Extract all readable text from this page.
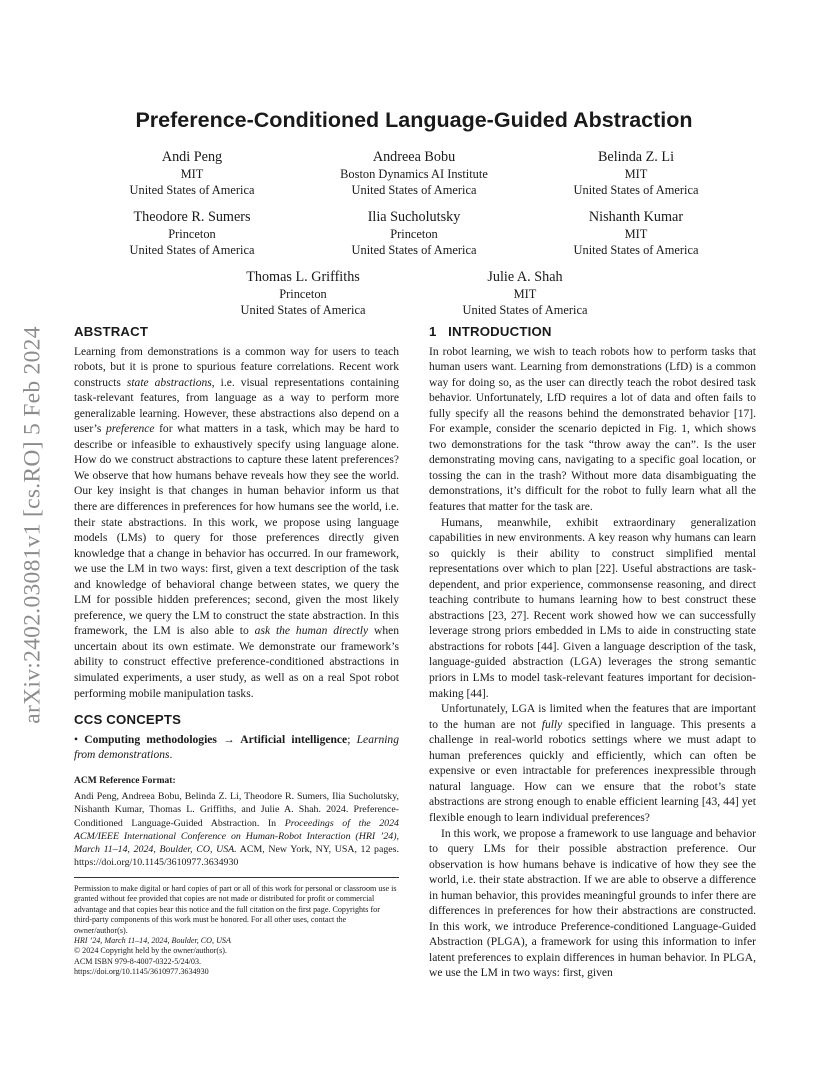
arXiv:2402.03081v1 [cs.RO] 5 Feb 2024
Preference-Conditioned Language-Guided Abstraction
Andi Peng
MIT
United States of America
Andreea Bobu
Boston Dynamics AI Institute
United States of America
Belinda Z. Li
MIT
United States of America
Theodore R. Sumers
Princeton
United States of America
Ilia Sucholutsky
Princeton
United States of America
Nishanth Kumar
MIT
United States of America
Thomas L. Griffiths
Princeton
United States of America
Julie A. Shah
MIT
United States of America
ABSTRACT

Learning from demonstrations is a common way for users to teach robots, but it is prone to spurious feature correlations. Recent work constructs state abstractions, i.e. visual representations containing task-relevant features, from language as a way to perform more generalizable learning. However, these abstractions also depend on a user’s preference for what matters in a task, which may be hard to describe or infeasible to exhaustively specify using language alone. How do we construct abstractions to capture these latent preferences? We observe that how humans behave reveals how they see the world. Our key insight is that changes in human behavior inform us that there are differences in preferences for how humans see the world, i.e. their state abstractions. In this work, we propose using language models (LMs) to query for those preferences directly given knowledge that a change in behavior has occurred. In our framework, we use the LM in two ways: first, given a text description of the task and knowledge of behavioral change between states, we query the LM for possible hidden preferences; second, given the most likely preference, we query the LM to construct the state abstraction. In this framework, the LM is also able to ask the human directly when uncertain about its own estimate. We demonstrate our framework’s ability to construct effective preference-conditioned abstractions in simulated experiments, a user study, as well as on a real Spot robot performing mobile manipulation tasks.

CCS CONCEPTS

• Computing methodologies → Artificial intelligence; Learning from demonstrations.

ACM Reference Format:

Andi Peng, Andreea Bobu, Belinda Z. Li, Theodore R. Sumers, Ilia Sucholutsky, Nishanth Kumar, Thomas L. Griffiths, and Julie A. Shah. 2024. Preference-Conditioned Language-Guided Abstraction. In Proceedings of the 2024 ACM/IEEE International Conference on Human-Robot Interaction (HRI ’24), March 11–14, 2024, Boulder, CO, USA. ACM, New York, NY, USA, 12 pages. https://doi.org/10.1145/3610977.3634930

Permission to make digital or hard copies of part or all of this work for personal or classroom use is granted without fee provided that copies are not made or distributed for profit or commercial advantage and that copies bear this notice and the full citation on the first page. Copyrights for third-party components of this work must be honored. For all other uses, contact the owner/author(s).

HRI ’24, March 11–14, 2024, Boulder, CO, USA

© 2024 Copyright held by the owner/author(s).

ACM ISBN 979-8-4007-0322-5/24/03.

https://doi.org/10.1145/3610977.3634930

1   INTRODUCTION

In robot learning, we wish to teach robots how to perform tasks that human users want. Learning from demonstrations (LfD) is a common way for doing so, as the user can directly teach the robot desired task behavior. Unfortunately, LfD requires a lot of data and often fails to fully specify all the reasons behind the demonstrated behavior [17]. For example, consider the scenario depicted in Fig. 1, which shows two demonstrations for the task “throw away the can”. Is the user demonstrating moving cans, navigating to a specific goal location, or tossing the can in the trash? Without more data disambiguating the demonstrations, it’s difficult for the robot to fully learn what all the features that matter for the task are.

Humans, meanwhile, exhibit extraordinary generalization capabilities in new environments. A key reason why humans can learn so quickly is their ability to construct simplified mental representations over which to plan [22]. Useful abstractions are task-dependent, and prior experience, commonsense reasoning, and direct teaching contribute to humans learning how to best construct these abstractions [23, 27]. Recent work showed how we can successfully leverage strong priors embedded in LMs to aide in constructing state abstractions for robots [44]. Given a language description of the task, language-guided abstraction (LGA) leverages the strong semantic priors in LMs to model task-relevant features important for decision-making [44].

Unfortunately, LGA is limited when the features that are important to the human are not fully specified in language. This presents a challenge in real-world robotics settings where we must adapt to human preferences quickly and efficiently, which can often be expensive or even intractable for preferences inexpressible through natural language. How can we ensure that the robot’s state abstractions are strong enough to enable efficient learning [43, 44] yet flexible enough to learn individual preferences?

In this work, we propose a framework to use language and behavior to query LMs for their possible abstraction preference. Our observation is how humans behave is indicative of how they see the world, i.e. their state abstraction. If we are able to observe a difference in human behavior, this provides meaningful grounds to infer there are differences in preferences for how their abstractions are constructed. In this work, we introduce Preference-conditioned Language-Guided Abstraction (PLGA), a framework for using this information to infer latent preferences to explain differences in human behavior. In PLGA, we use the LM in two ways: first, given
